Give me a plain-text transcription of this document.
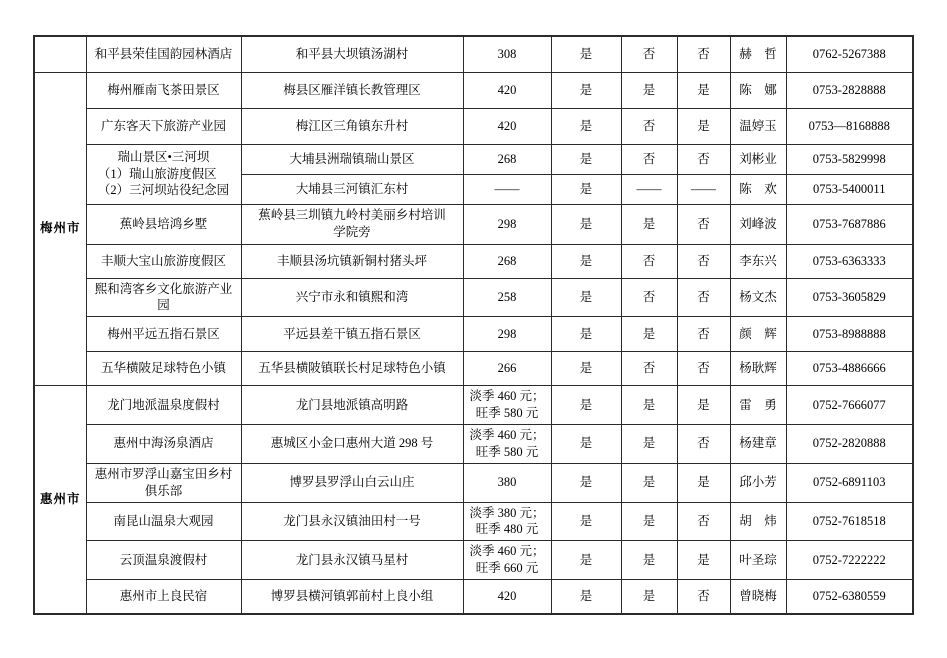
	和平县荣佳国韵园林酒店	和平县大坝镇汤湖村	308	是	否	否	赫　哲	0762-5267388
梅州市	梅州雁南飞茶田景区	梅县区雁洋镇长教管理区	420	是	是	是	陈　娜	0753-2828888
	广东客天下旅游产业园	梅江区三角镇东升村	420	是	否	是	温婷玉	0753—8168888

	瑞山景区•三河坝
（1）瑞山旅游度假区
（2）三河坝站役纪念园	大埔县洲瑞镇瑞山景区	268	是	否	否	刘彬业	0753-5829998
		大埔县三河镇汇东村	——	是	——	——	陈　欢	0753-5400011
	蕉岭县培鸿乡墅	蕉岭县三圳镇九岭村美丽乡村培训
学院旁	298	是	是	否	刘峰波	0753-7687886
	丰顺大宝山旅游度假区	丰顺县汤坑镇新铜村猪头坪	268	是	否	否	李东兴	0753-6363333
	熙和湾客乡文化旅游产业园	兴宁市永和镇熙和湾	258	是	否	否	杨文杰	0753-3605829
	梅州平远五指石景区	平远县差干镇五指石景区	298	是	是	否	颜　辉	0753-8988888
	五华横陂足球特色小镇	五华县横陂镇联长村足球特色小镇	266	是	否	否	杨耿辉	0753-4886666
惠州市	龙门地派温泉度假村	龙门县地派镇高明路	淡季 460 元；
旺季 580 元	是	是	是	雷　勇	0752-7666077
	惠州中海汤泉酒店	惠城区小金口惠州大道 298 号	淡季 460 元；
旺季 580 元	是	是	否	杨建章	0752-2820888
	惠州市罗浮山嘉宝田乡村俱乐部	博罗县罗浮山白云山庄	380	是	是	是	邱小芳	0752-6891103
	南昆山温泉大观园	龙门县永汉镇油田村一号	淡季 380 元；
旺季 480 元	是	是	否	胡　炜	0752-7618518
	云顶温泉渡假村	龙门县永汉镇马星村	淡季 460 元；
旺季 660 元	是	是	是	叶圣琮	0752-7222222
	惠州市上良民宿	博罗县横河镇郭前村上良小组	420	是	是	否	曾晓梅	0752-6380559
